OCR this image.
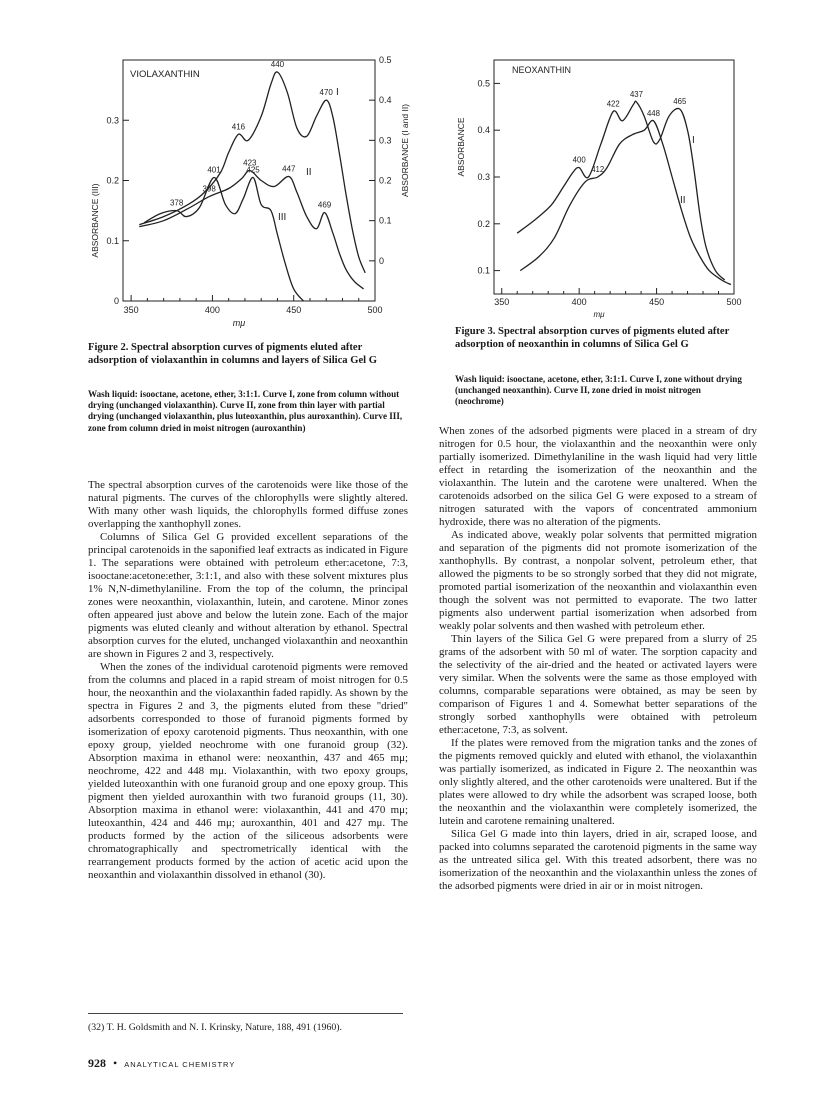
VIOLAXANTHIN
350	400	450	500
mμ
0
0.1
0.2
0.3
ABSORBANCE (III)
0
0.1
0.2
0.3
0.4
0.5
ABSORBANCE (I and II)
416
440
470 I
398
423
447
469
II
378
401	425
III
NEOXANTHIN
350	400	450	500
mμ
0.1
0.2
0.3
0.4
0.5
ABSORBANCE	400
422
437
465
I
412
448
II
Figure 2. Spectral absorption curves of pigments eluted after adsorption of violaxanthin in columns and layers of Silica Gel G
Wash liquid: isooctane, acetone, ether, 3:1:1. Curve I, zone from column without drying (unchanged violaxanthin). Curve II, zone from thin layer with partial drying (unchanged violaxanthin, plus luteoxanthin, plus auroxanthin). Curve III, zone from column dried in moist nitrogen (auroxanthin)
Figure 3. Spectral absorption curves of pigments eluted after adsorption of neoxanthin in columns of Silica Gel G
Wash liquid: isooctane, acetone, ether, 3:1:1. Curve I, zone without drying (unchanged neoxanthin). Curve II, zone dried in moist nitrogen (neochrome)

The spectral absorption curves of the carotenoids were like those of the natural pigments. The curves of the chlorophylls were slightly altered. With many other wash liquids, the chlorophylls formed diffuse zones overlapping the xanthophyll zones.

Columns of Silica Gel G provided excellent separations of the principal carotenoids in the saponified leaf extracts as indicated in Figure 1. The separations were obtained with petroleum ether:acetone, 7:3, isooctane:acetone:ether, 3:1:1, and also with these solvent mixtures plus 1% N,N-dimethylaniline. From the top of the column, the principal zones were neoxanthin, violaxanthin, lutein, and carotene. Minor zones often appeared just above and below the lutein zone. Each of the major pigments was eluted cleanly and without alteration by ethanol. Spectral absorption curves for the eluted, unchanged violaxanthin and neoxanthin are shown in Figures 2 and 3, respectively.

When the zones of the individual carotenoid pigments were removed from the columns and placed in a rapid stream of moist nitrogen for 0.5 hour, the neoxanthin and the violaxanthin faded rapidly. As shown by the spectra in Figures 2 and 3, the pigments eluted from these "dried" adsorbents corresponded to those of furanoid pigments formed by isomerization of epoxy carotenoid pigments. Thus neoxanthin, with one epoxy group, yielded neochrome with one furanoid group (32). Absorption maxima in ethanol were: neoxanthin, 437 and 465 mμ; neochrome, 422 and 448 mμ. Violaxanthin, with two epoxy groups, yielded luteoxanthin with one furanoid group and one epoxy group. This pigment then yielded auroxanthin with two furanoid groups (11, 30). Absorption maxima in ethanol were: violaxanthin, 441 and 470 mμ; luteoxanthin, 424 and 446 mμ; auroxanthin, 401 and 427 mμ. The products formed by the action of the siliceous adsorbents were chromatographically and spectrometrically identical with the rearrangement products formed by the action of acetic acid upon the neoxanthin and violaxanthin dissolved in ethanol (30).

When zones of the adsorbed pigments were placed in a stream of dry nitrogen for 0.5 hour, the violaxanthin and the neoxanthin were only partially isomerized. Dimethylaniline in the wash liquid had very little effect in retarding the isomerization of the neoxanthin and the violaxanthin. The lutein and the carotene were unaltered. When the carotenoids adsorbed on the silica Gel G were exposed to a stream of nitrogen saturated with the vapors of concentrated ammonium hydroxide, there was no alteration of the pigments.

As indicated above, weakly polar solvents that permitted migration and separation of the pigments did not promote isomerization of the xanthophylls. By contrast, a nonpolar solvent, petroleum ether, that allowed the pigments to be so strongly sorbed that they did not migrate, promoted partial isomerization of the neoxanthin and violaxanthin even though the solvent was not permitted to evaporate. The two latter pigments also underwent partial isomerization when adsorbed from weakly polar solvents and then washed with petroleum ether.

Thin layers of the Silica Gel G were prepared from a slurry of 25 grams of the adsorbent with 50 ml of water. The sorption capacity and the selectivity of the air-dried and the heated or activated layers were very similar. When the solvents were the same as those employed with columns, comparable separations were obtained, as may be seen by comparison of Figures 1 and 4. Somewhat better separations of the strongly sorbed xanthophylls were obtained with petroleum ether:acetone, 7:3, as solvent.

If the plates were removed from the migration tanks and the zones of the pigments removed quickly and eluted with ethanol, the violaxanthin was partially isomerized, as indicated in Figure 2. The neoxanthin was only slightly altered, and the other carotenoids were unaltered. But if the plates were allowed to dry while the adsorbent was scraped loose, both the neoxanthin and the violaxanthin were completely isomerized, the lutein and carotene remaining unaltered.

Silica Gel G made into thin layers, dried in air, scraped loose, and packed into columns separated the carotenoid pigments in the same way as the untreated silica gel. With this treated adsorbent, there was no isomerization of the neoxanthin and the violaxanthin unless the zones of the adsorbed pigments were dried in air or in moist nitrogen.

(32) T. H. Goldsmith and N. I. Krinsky, Nature, 188, 491 (1960).
928 • ANALYTICAL CHEMISTRY
